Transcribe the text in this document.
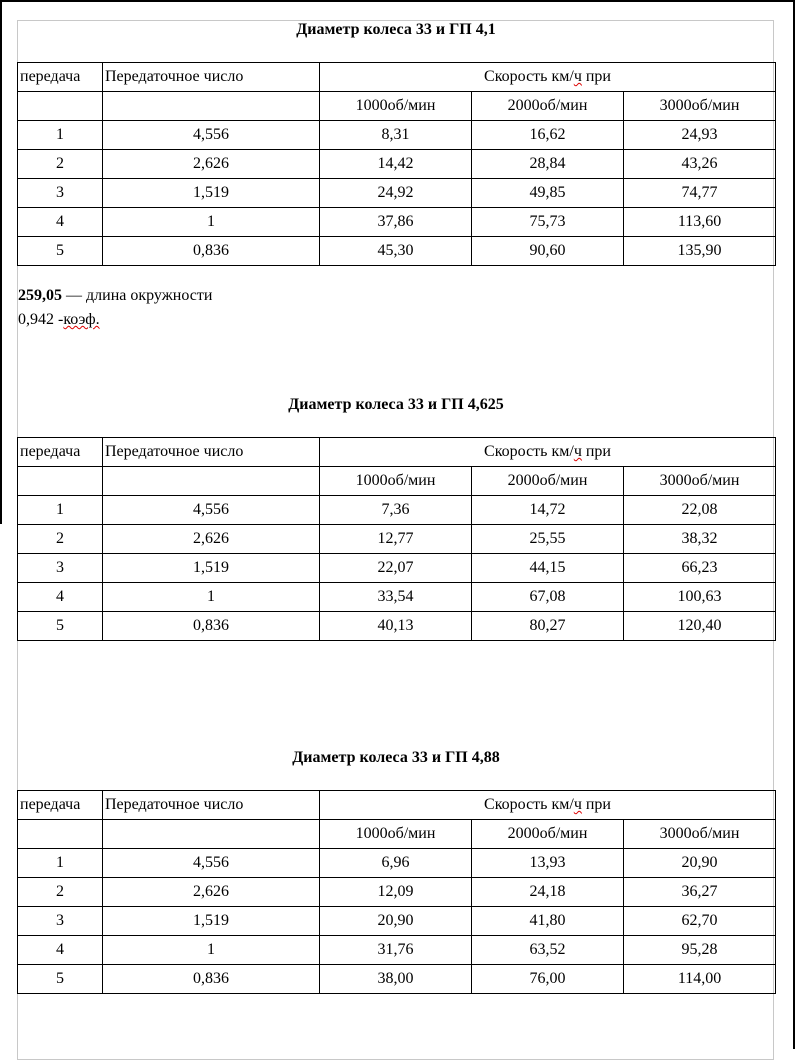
Диаметр колеса 33 и ГП 4,1
передача	Передаточное число	Скорость км/ч при		
		1000об/мин	2000об/мин	3000об/мин
1	4,556	8,31	16,62	24,93
2	2,626	14,42	28,84	43,26
3	1,519	24,92	49,85	74,77
4	1	37,86	75,73	113,60
5	0,836	45,30	90,60	135,90
Диаметр колеса 33 и ГП 4,625
передача	Передаточное число	Скорость км/ч при		
		1000об/мин	2000об/мин	3000об/мин
1	4,556	7,36	14,72	22,08
2	2,626	12,77	25,55	38,32
3	1,519	22,07	44,15	66,23
4	1	33,54	67,08	100,63
5	0,836	40,13	80,27	120,40
Диаметр колеса 33 и ГП 4,88
передача	Передаточное число	Скорость км/ч при		
		1000об/мин	2000об/мин	3000об/мин
1	4,556	6,96	13,93	20,90
2	2,626	12,09	24,18	36,27
3	1,519	20,90	41,80	62,70
4	1	31,76	63,52	95,28
5	0,836	38,00	76,00	114,00
259,05 — длина окружности
0,942 -коэф.
